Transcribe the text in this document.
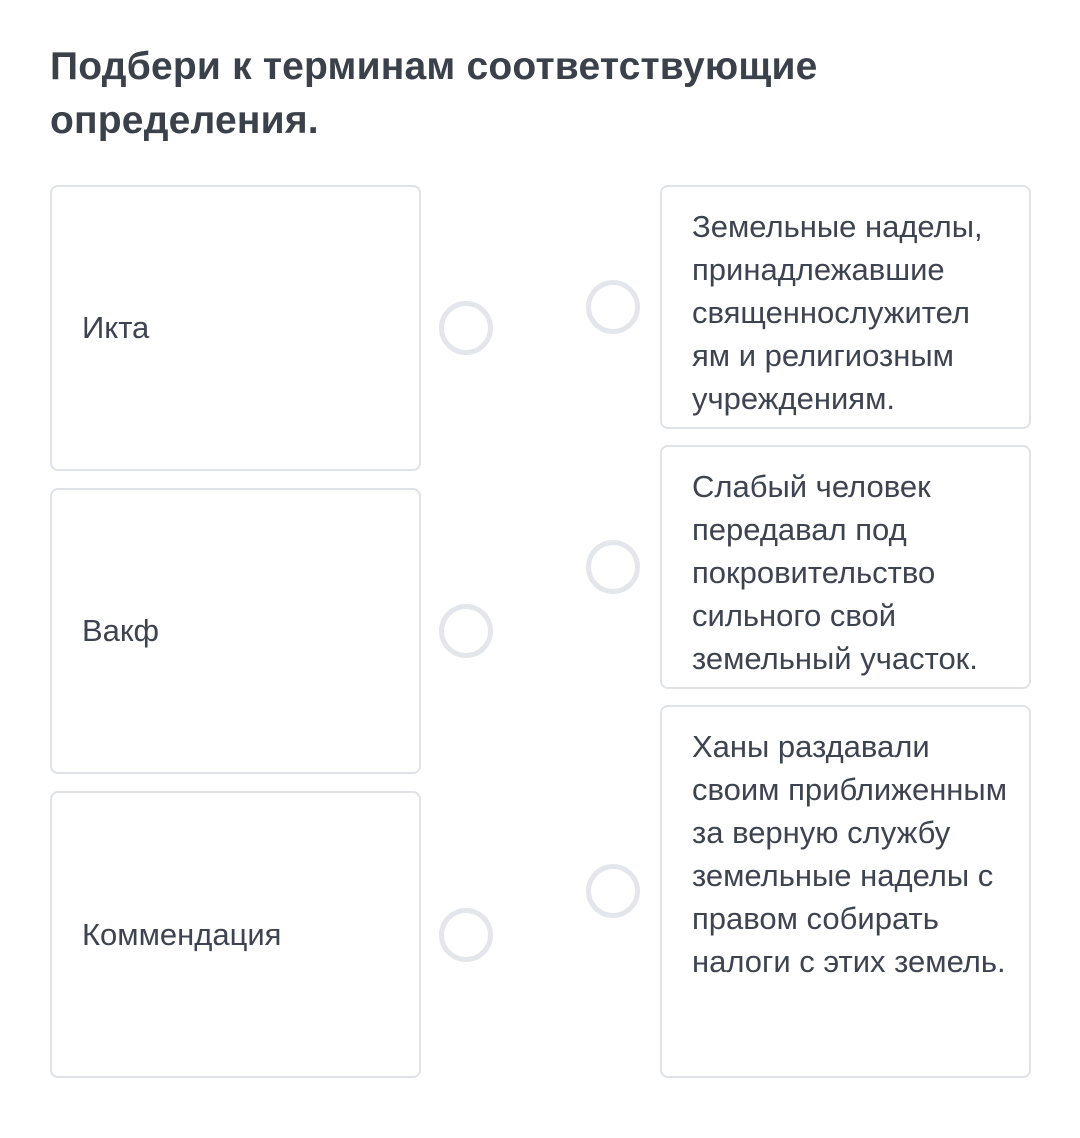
Подбери к терминам соответствующие определения.
Икта
Вакф
Коммендация
Земельные наделы, принадлежавшие священнослужител ям и религиозным учреждениям.
Слабый человек передавал под покровительство сильного свой земельный участок.
Ханы раздавали своим приближенным за верную службу земельные наделы с правом собирать налоги с этих земель.
